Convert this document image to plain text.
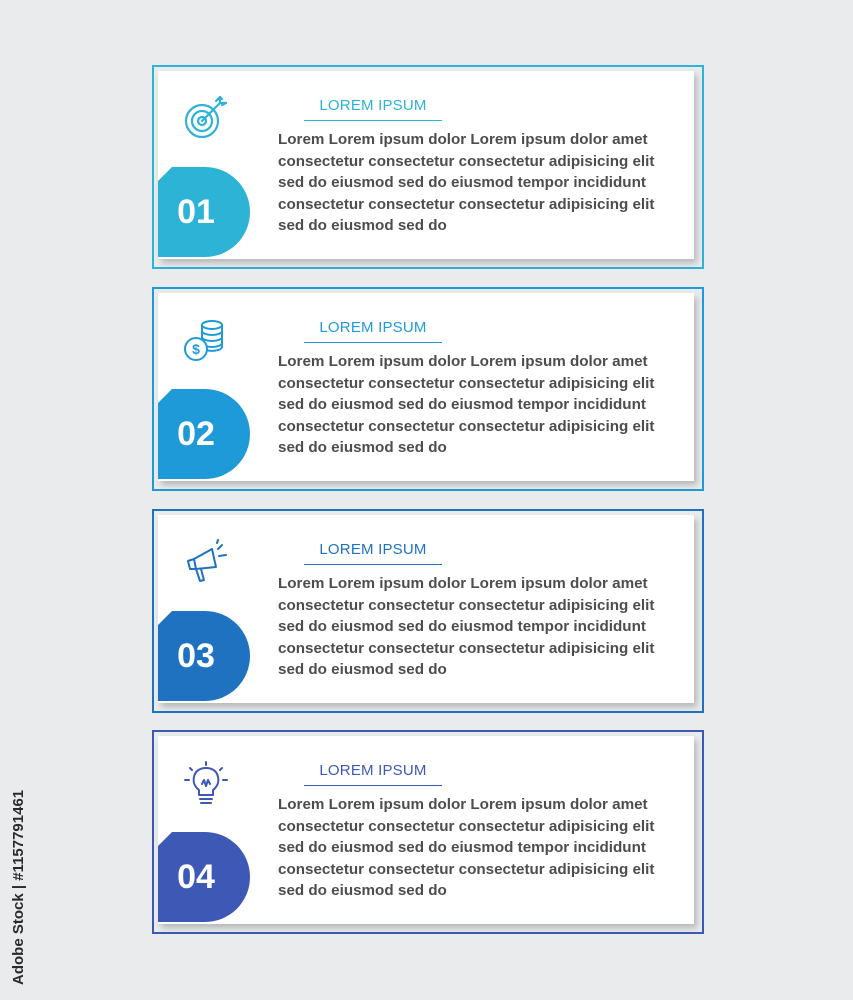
LOREM IPSUM
Lorem Lorem ipsum dolor Lorem ipsum dolor amet
consectetur consectetur consectetur adipisicing elit
sed do eiusmod sed do eiusmod tempor incididunt
consectetur consectetur consectetur adipisicing elit
sed do eiusmod sed do
01
$
LOREM IPSUM
Lorem Lorem ipsum dolor Lorem ipsum dolor amet
consectetur consectetur consectetur adipisicing elit
sed do eiusmod sed do eiusmod tempor incididunt
consectetur consectetur consectetur adipisicing elit
sed do eiusmod sed do
02
LOREM IPSUM
Lorem Lorem ipsum dolor Lorem ipsum dolor amet
consectetur consectetur consectetur adipisicing elit
sed do eiusmod sed do eiusmod tempor incididunt
consectetur consectetur consectetur adipisicing elit
sed do eiusmod sed do
03
LOREM IPSUM
Lorem Lorem ipsum dolor Lorem ipsum dolor amet
consectetur consectetur consectetur adipisicing elit
sed do eiusmod sed do eiusmod tempor incididunt
consectetur consectetur consectetur adipisicing elit
sed do eiusmod sed do
04
Adobe Stock | #1157791461
